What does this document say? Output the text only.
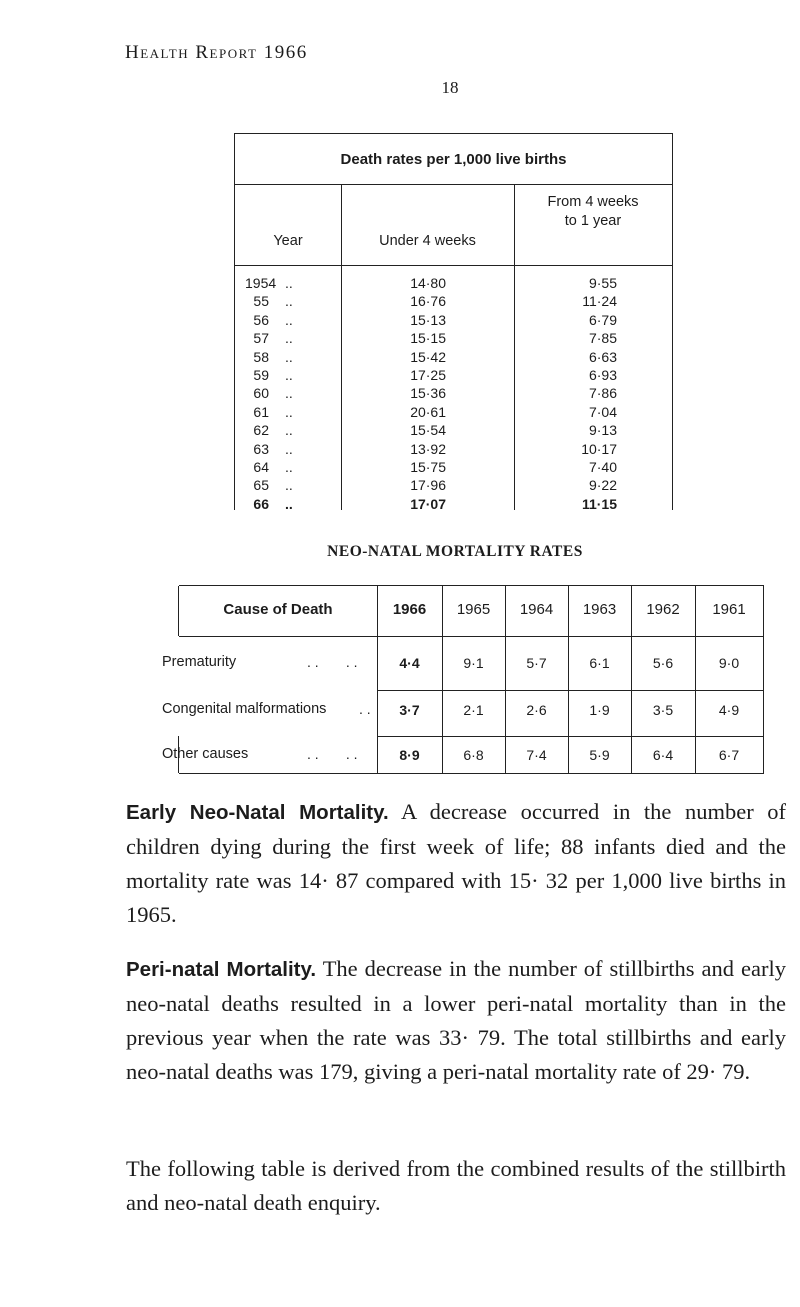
Health Report 1966
18
Death rates per 1,000 live births
Year	Under 4 weeks
From 4 weeks
to 1 year
1954 ..	14·80	9·55
55 ..	16·76	11·24
56 ..	15·13	6·79
57 ..	15·15	7·85
58 ..	15·42	6·63
59 ..	17·25	6·93
60 ..	15·36	7·86
61 ..	20·61	7·04
62 ..	15·54	9·13
63 ..	13·92	10·17
64 ..	15·75	7·40
65 ..	17·96	9·22
66 ..	17·07	11·15
NEO-NATAL MORTALITY RATES
Cause of Death	1966	1965	1964	1963	1962	1961
Prematurity	. .       . .	4·4	9·1	5·7	6·1	5·6	9·0
Congenital malformations . .	3·7	2·1	2·6	1·9	3·5	4·9
Other causes	. .       . .	8·9	6·8	7·4	5·9	6·4	6·7
Early Neo-Natal Mortality. A decrease occurred in the number of children dying during the first week of life; 88 infants died and the mortality rate was 14· 87 compared with 15· 32 per 1,000 live births in 1965.
Peri-natal Mortality. The decrease in the number of stillbirths and early neo-natal deaths resulted in a lower peri-natal mortality than in the previous year when the rate was 33· 79. The total stillbirths and early neo-natal deaths was 179, giving a peri-natal mortality rate of 29· 79.
The following table is derived from the combined results of the stillbirth and neo-natal death enquiry.
